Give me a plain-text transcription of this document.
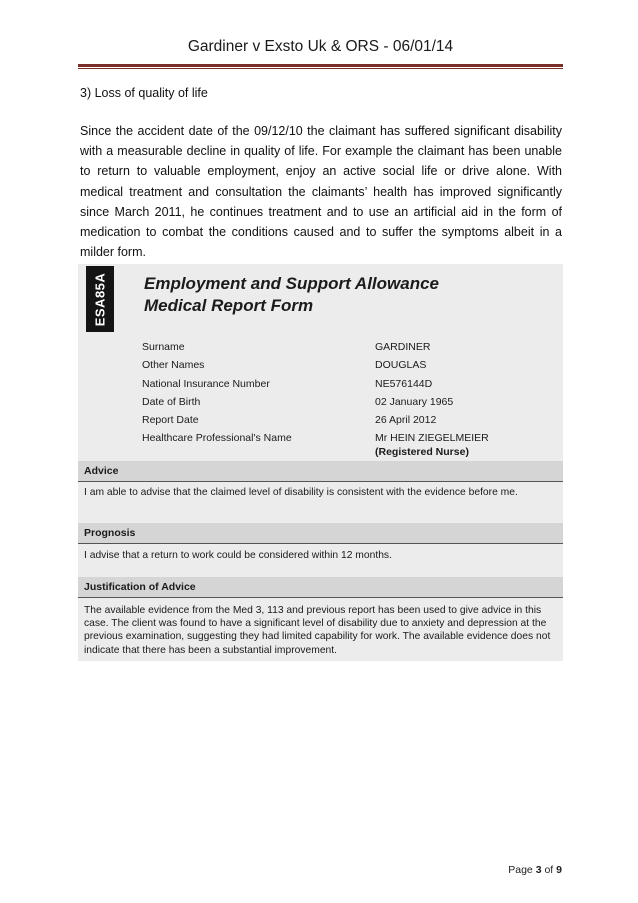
Gardiner v Exsto Uk & ORS - 06/01/14
3) Loss of quality of life
Since the accident date of the 09/12/10 the claimant has suffered significant disability with a measurable decline in quality of life. For example the claimant has been unable to return to valuable employment, enjoy an active social life or drive alone. With medical treatment and consultation the claimants’ health has improved significantly since March 2011, he continues treatment and to use an artificial aid in the form of medication to combat the conditions caused and to suffer the symptoms albeit in a milder form.
ESA85A Employment and Support Allowance
Medical Report Form
Surname	GARDINER
Other Names	DOUGLAS
National Insurance Number	NE576144D
Date of Birth	02 January 1965
Report Date	26 April 2012
Healthcare Professional's Name	Mr HEIN ZIEGELMEIER
(Registered Nurse)
Advice
I am able to advise that the claimed level of disability is consistent with the evidence before me.
Prognosis
I advise that a return to work could be considered within 12 months.
Justification of Advice
The available evidence from the Med 3, 113 and previous report has been used to give advice in this case. The client was found to have a significant level of disability due to anxiety and depression at the previous examination, suggesting they had limited capability for work. The available evidence does not indicate that there has been a substantial improvement.
Page 3 of 9
